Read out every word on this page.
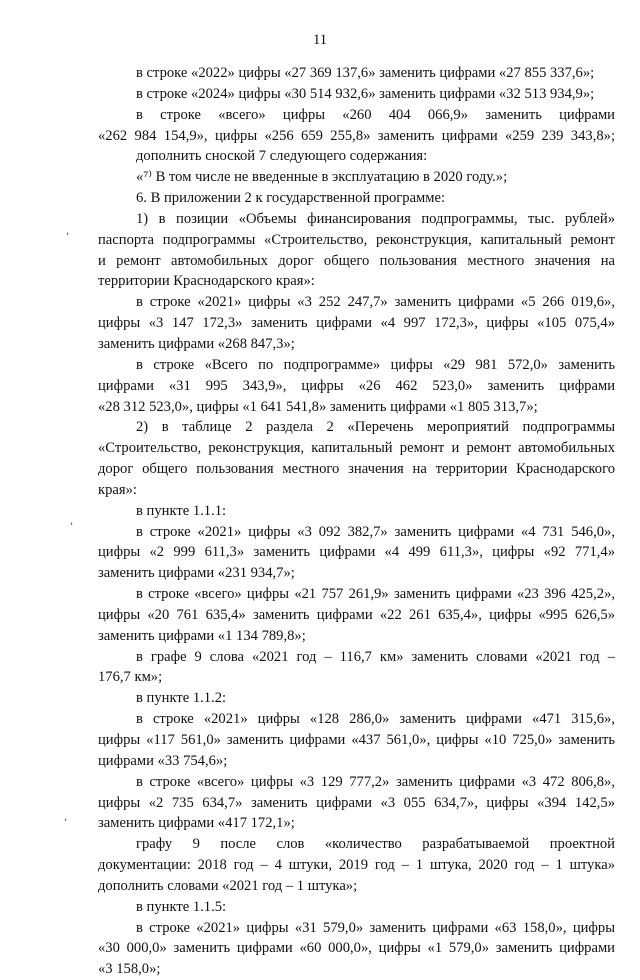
11
,
,
,
в строке «2022» цифры «27 369 137,6» заменить цифрами «27 855 337,6»;
в строке «2024» цифры «30 514 932,6» заменить цифрами «32 513 934,9»;
в строке «всего» цифры «260 404 066,9» заменить цифрами
«262 984 154,9», цифры «256 659 255,8» заменить цифрами «259 239 343,8»;
дополнить сноской 7 следующего содержания:
«⁷⁾ В том числе не введенные в эксплуатацию в 2020 году.»;
6. В приложении 2 к государственной программе:
1) в позиции «Объемы финансирования подпрограммы, тыс. рублей»
паспорта подпрограммы «Строительство, реконструкция, капитальный ремонт
и ремонт автомобильных дорог общего пользования местного значения на
территории Краснодарского края»:
в строке «2021» цифры «3 252 247,7» заменить цифрами «5 266 019,6»,
цифры «3 147 172,3» заменить цифрами «4 997 172,3», цифры «105 075,4»
заменить цифрами «268 847,3»;
в строке «Всего по подпрограмме» цифры «29 981 572,0» заменить
цифрами «31 995 343,9», цифры «26 462 523,0» заменить цифрами
«28 312 523,0», цифры «1 641 541,8» заменить цифрами «1 805 313,7»;
2) в таблице 2 раздела 2 «Перечень мероприятий подпрограммы
«Строительство, реконструкция, капитальный ремонт и ремонт автомобильных
дорог общего пользования местного значения на территории Краснодарского
края»:
в пункте 1.1.1:
в строке «2021» цифры «3 092 382,7» заменить цифрами «4 731 546,0»,
цифры «2 999 611,3» заменить цифрами «4 499 611,3», цифры «92 771,4»
заменить цифрами «231 934,7»;
в строке «всего» цифры «21 757 261,9» заменить цифрами «23 396 425,2»,
цифры «20 761 635,4» заменить цифрами «22 261 635,4», цифры «995 626,5»
заменить цифрами «1 134 789,8»;
в графе 9 слова «2021 год – 116,7 км» заменить словами «2021 год –
176,7 км»;
в пункте 1.1.2:
в строке «2021» цифры «128 286,0» заменить цифрами «471 315,6»,
цифры «117 561,0» заменить цифрами «437 561,0», цифры «10 725,0» заменить
цифрами «33 754,6»;
в строке «всего» цифры «3 129 777,2» заменить цифрами «3 472 806,8»,
цифры «2 735 634,7» заменить цифрами «3 055 634,7», цифры «394 142,5»
заменить цифрами «417 172,1»;
графу 9 после слов «количество разрабатываемой проектной
документации: 2018 год – 4 штуки, 2019 год – 1 штука, 2020 год – 1 штука»
дополнить словами «2021 год – 1 штука»;
в пункте 1.1.5:
в строке «2021» цифры «31 579,0» заменить цифрами «63 158,0», цифры
«30 000,0» заменить цифрами «60 000,0», цифры «1 579,0» заменить цифрами
«3 158,0»;
